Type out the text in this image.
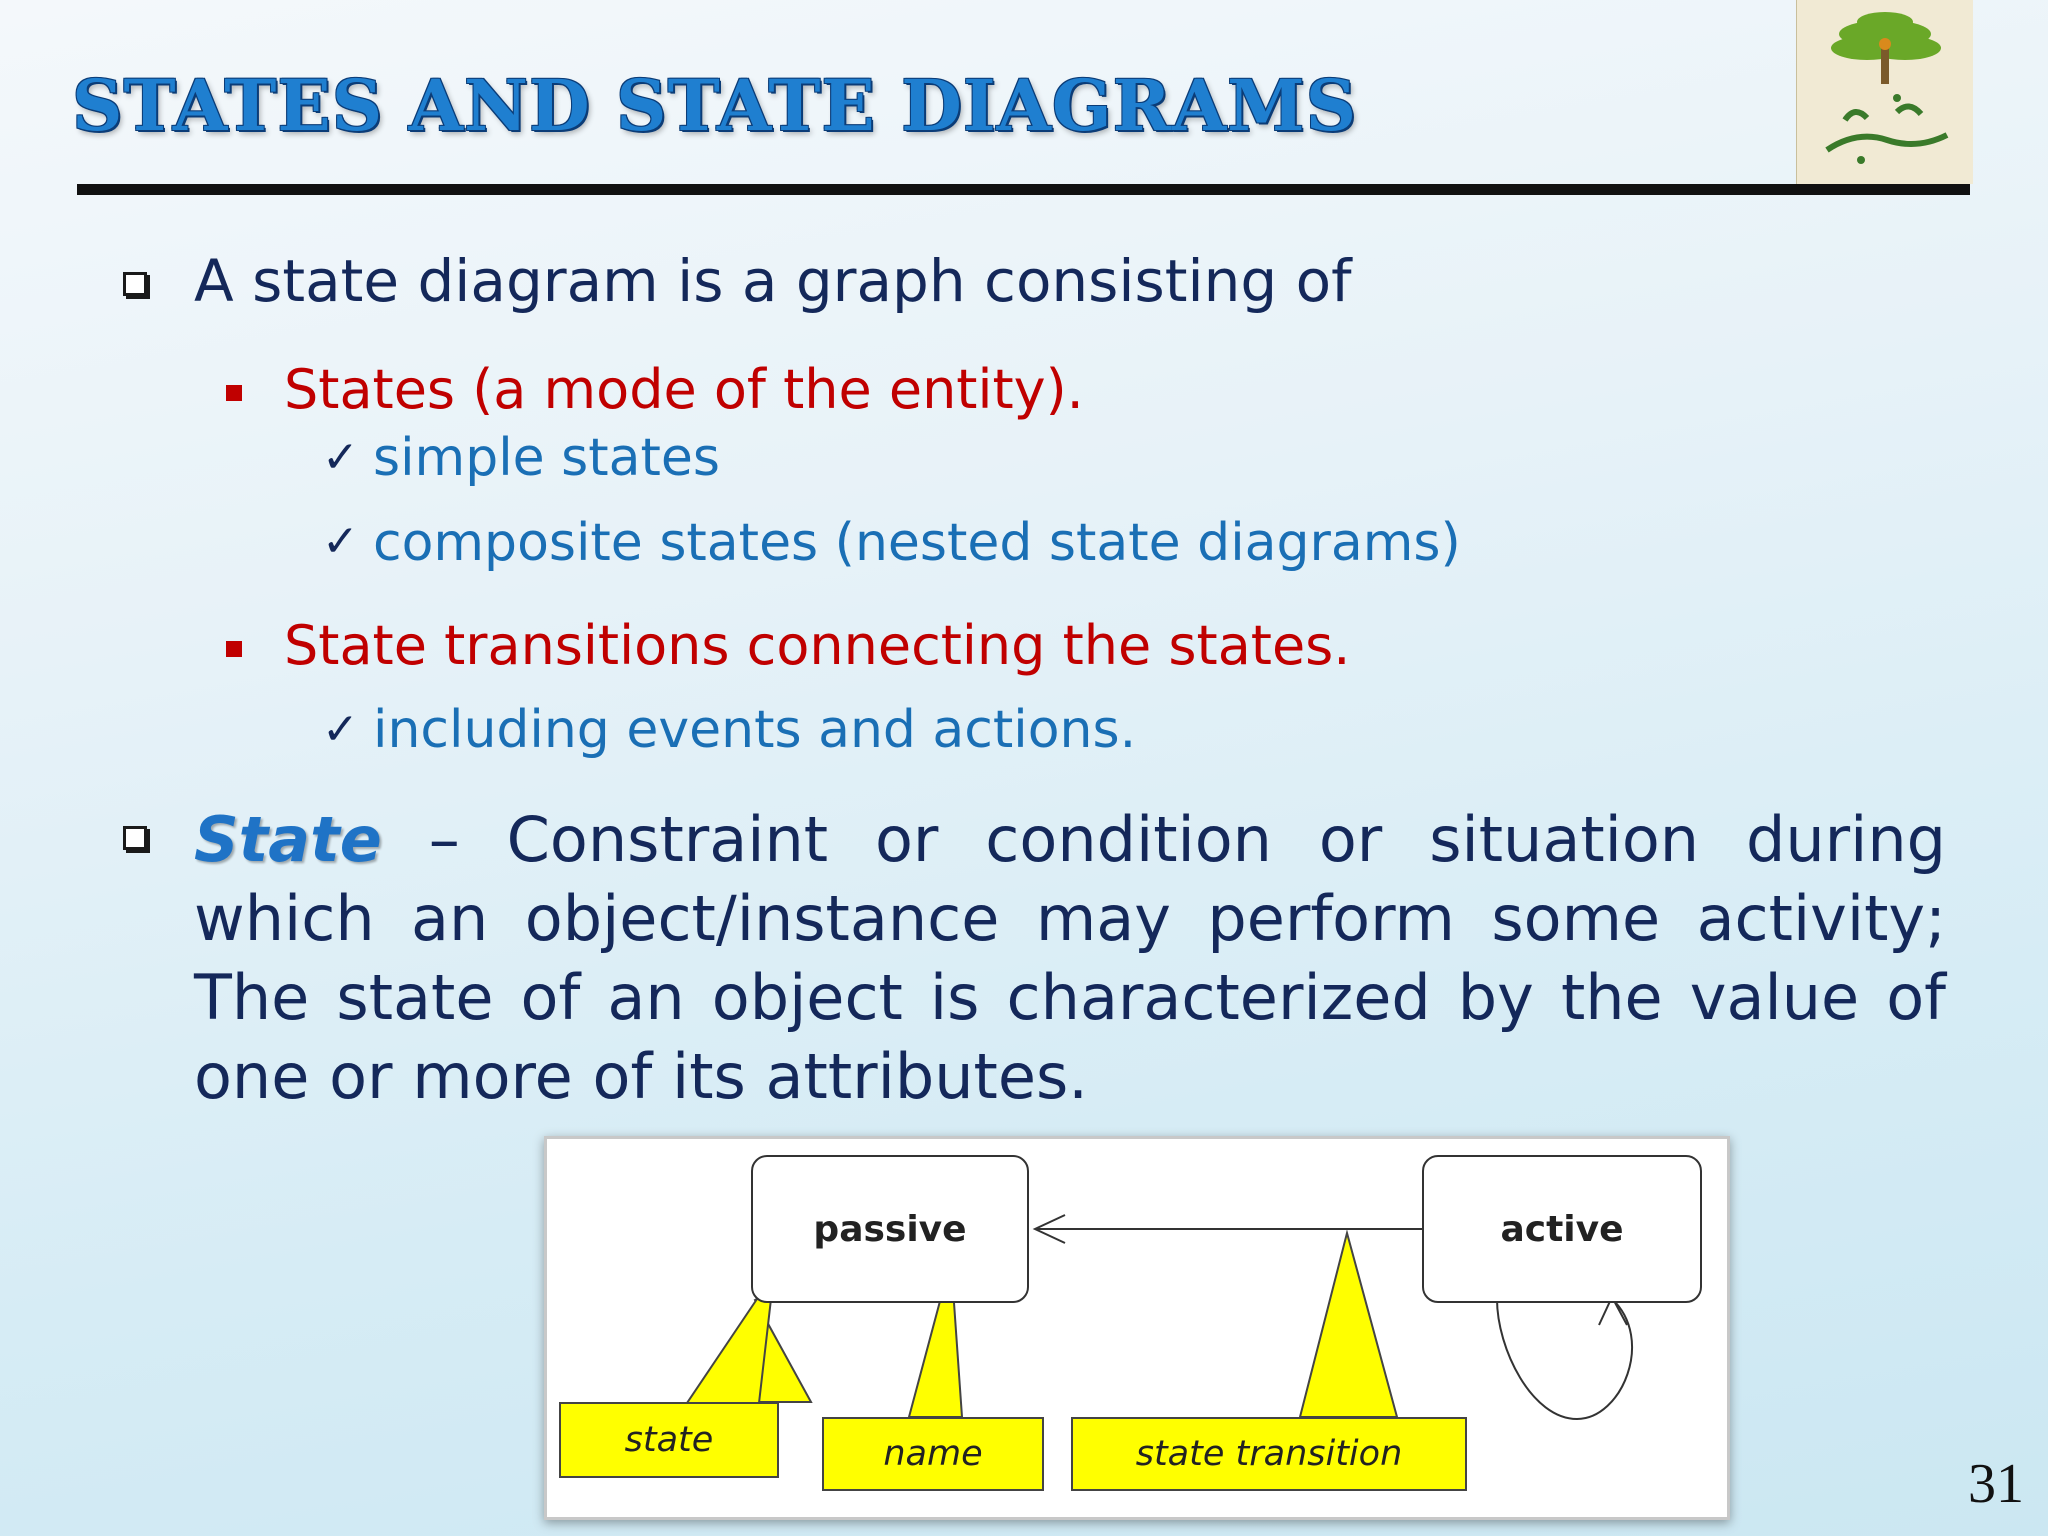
STATES AND STATE DIAGRAMS

A state diagram is a graph consisting of

States (a mode of the entity).

✓ simple states

✓ composite states (nested state diagrams)

State transitions connecting the states.

✓ including events and actions.

State – Constraint or condition or situation during which an object/instance may perform some activity; The state of an object is characterized by the value of one or more of its attributes.

passive	active
state	name	state transition	31
